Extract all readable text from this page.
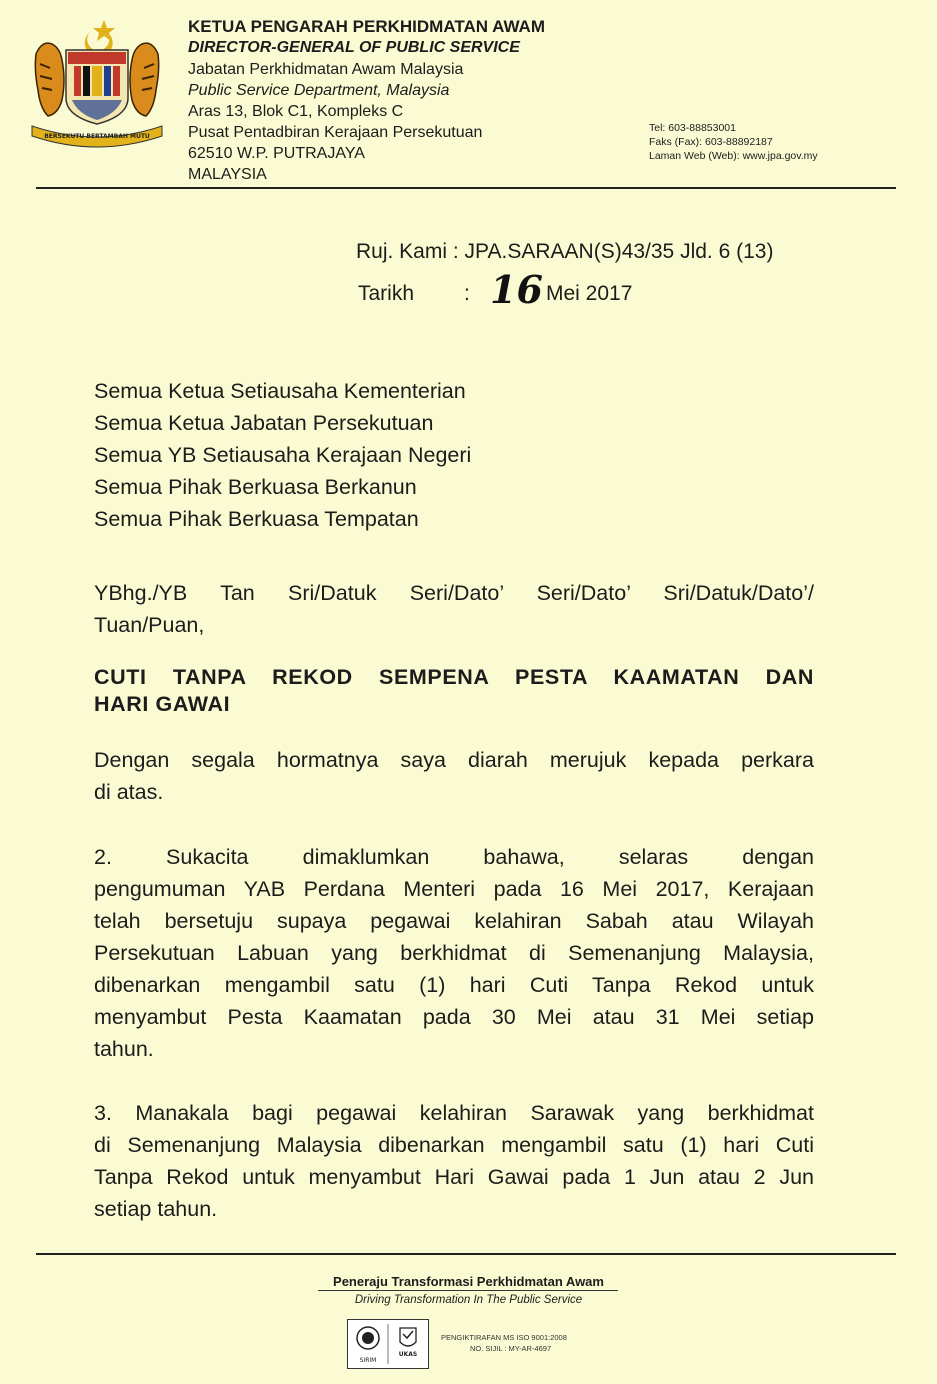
BERSEKUTU BERTAMBAH MUTU
KETUA PENGARAH PERKHIDMATAN AWAM
DIRECTOR-GENERAL OF PUBLIC SERVICE
Jabatan Perkhidmatan Awam Malaysia
Public Service Department, Malaysia
Aras 13, Blok C1, Kompleks C
Pusat Pentadbiran Kerajaan Persekutuan
62510 W.P. PUTRAJAYA
MALAYSIA
Tel: 603-88853001
Faks (Fax): 603-88892187
Laman Web (Web): www.jpa.gov.my
Ruj. Kami : JPA.SARAAN(S)43/35 Jld. 6 (13)
Tarikh : 16 Mei 2017
Semua Ketua Setiausaha Kementerian
Semua Ketua Jabatan Persekutuan
Semua YB Setiausaha Kerajaan Negeri
Semua Pihak Berkuasa Berkanun
Semua Pihak Berkuasa Tempatan
YBhg./YB Tan Sri/Datuk Seri/Dato’ Seri/Dato’ Sri/Datuk/Dato’/
Tuan/Puan,
CUTI TANPA REKOD SEMPENA PESTA KAAMATAN DAN
HARI GAWAI
Dengan segala hormatnya saya diarah merujuk kepada perkara
di atas.
2. Sukacita dimaklumkan bahawa, selaras dengan
pengumuman YAB Perdana Menteri pada 16 Mei 2017, Kerajaan
telah bersetuju supaya pegawai kelahiran Sabah atau Wilayah
Persekutuan Labuan yang berkhidmat di Semenanjung Malaysia,
dibenarkan mengambil satu (1) hari Cuti Tanpa Rekod untuk
menyambut Pesta Kaamatan pada 30 Mei atau 31 Mei setiap
tahun.
3. Manakala bagi pegawai kelahiran Sarawak yang berkhidmat
di Semenanjung Malaysia dibenarkan mengambil satu (1) hari Cuti
Tanpa Rekod untuk menyambut Hari Gawai pada 1 Jun atau 2 Jun
setiap tahun.
Peneraju Transformasi Perkhidmatan Awam
Driving Transformation In The Public Service
SIRIM
UKAS
PENGIKTIRAFAN MS ISO 9001:2008
NO. SIJIL : MY-AR-4697
